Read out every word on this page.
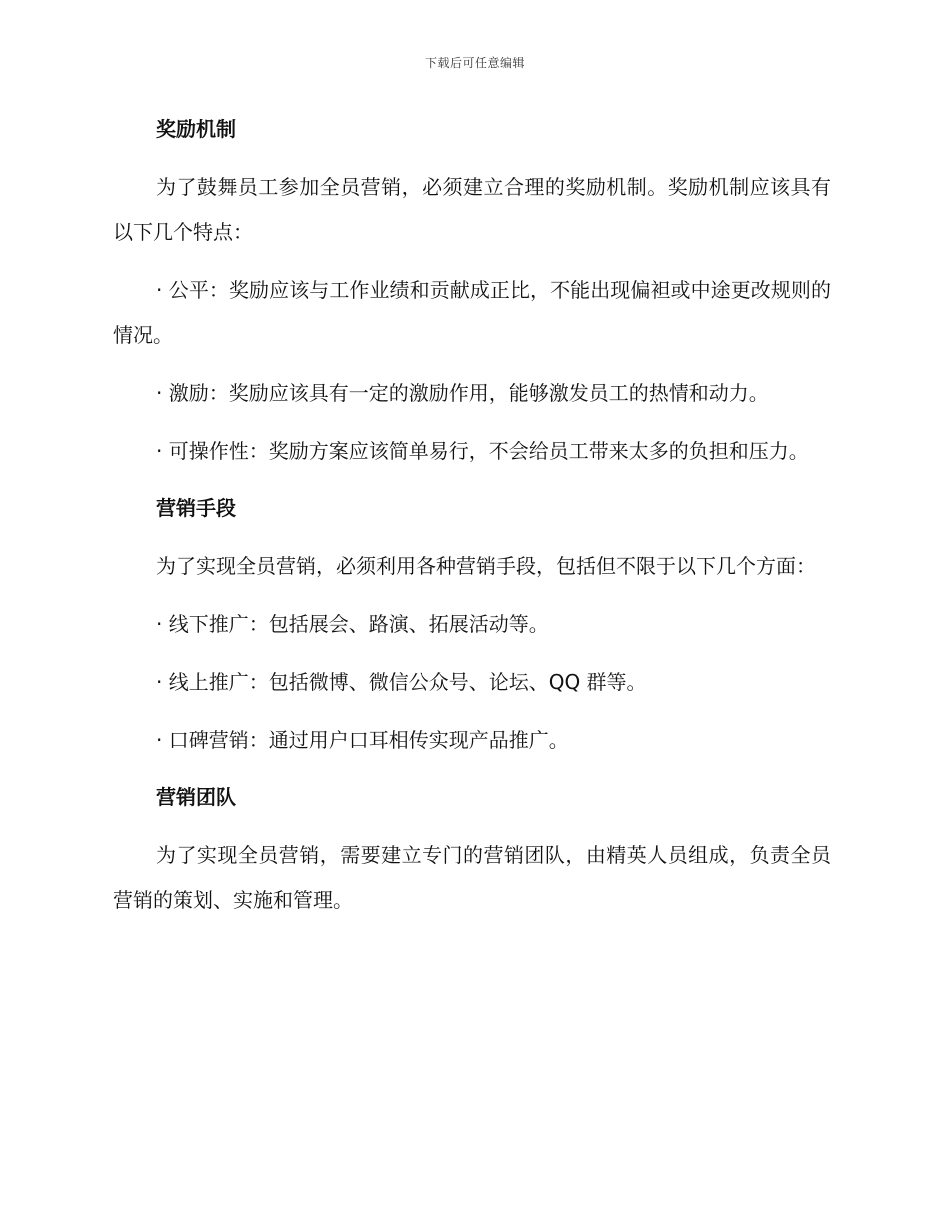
下载后可任意编辑
奖励机制

为了鼓舞员工参加全员营销，必须建立合理的奖励机制。奖励机制应该具有以下几个特点：

· 公平：奖励应该与工作业绩和贡献成正比，不能出现偏袒或中途更改规则的情况。

· 激励：奖励应该具有一定的激励作用，能够激发员工的热情和动力。

· 可操作性：奖励方案应该简单易行，不会给员工带来太多的负担和压力。

营销手段

为了实现全员营销，必须利用各种营销手段，包括但不限于以下几个方面：

· 线下推广：包括展会、路演、拓展活动等。

· 线上推广：包括微博、微信公众号、论坛、QQ 群等。

· 口碑营销：通过用户口耳相传实现产品推广。

营销团队

为了实现全员营销，需要建立专门的营销团队，由精英人员组成，负责全员营销的策划、实施和管理。
